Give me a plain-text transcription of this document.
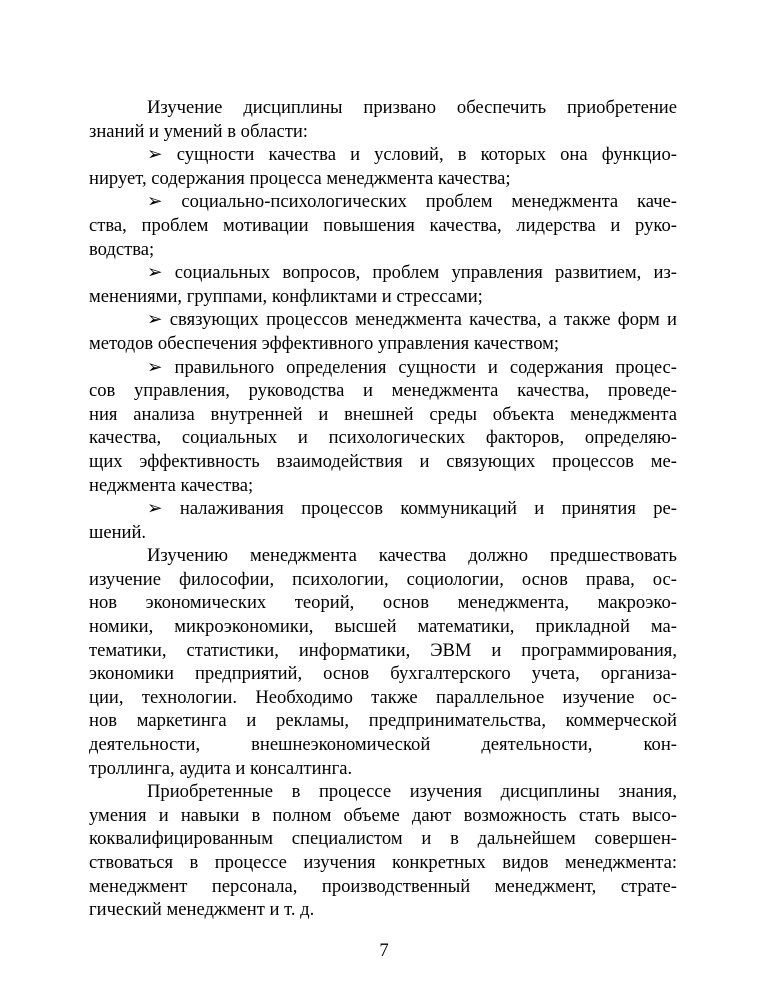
Изучение дисциплины призвано обеспечить приобретение
знаний и умений в области:
➢ сущности качества и условий, в которых она функцио-
нирует, содержания процесса менеджмента качества;
➢ социально-психологических проблем менеджмента каче-
ства, проблем мотивации повышения качества, лидерства и руко-
водства;
➢ социальных вопросов, проблем управления развитием, из-
менениями, группами, конфликтами и стрессами;
➢ связующих процессов менеджмента качества, а также форм и
методов обеспечения эффективного управления качеством;
➢ правильного определения сущности и содержания процес-
сов управления, руководства и менеджмента качества, проведе-
ния анализа внутренней и внешней среды объекта менеджмента
качества, социальных и психологических факторов, определяю-
щих эффективность взаимодействия и связующих процессов ме-
неджмента качества;
➢ налаживания процессов коммуникаций и принятия ре-
шений.
Изучению менеджмента качества должно предшествовать
изучение философии, психологии, социологии, основ права, ос-
нов экономических теорий, основ менеджмента, макроэко-
номики, микроэкономики, высшей математики, прикладной ма-
тематики, статистики, информатики, ЭВМ и программирования,
экономики предприятий, основ бухгалтерского учета, организа-
ции, технологии. Необходимо также параллельное изучение ос-
нов маркетинга и рекламы, предпринимательства, коммерческой
деятельности, внешнеэкономической деятельности, кон-
троллинга, аудита и консалтинга.
Приобретенные в процессе изучения дисциплины знания,
умения и навыки в полном объеме дают возможность стать высо-
коквалифицированным специалистом и в дальнейшем совершен-
ствоваться в процессе изучения конкретных видов менеджмента:
менеджмент персонала, производственный менеджмент, страте-
гический менеджмент и т. д.
7
